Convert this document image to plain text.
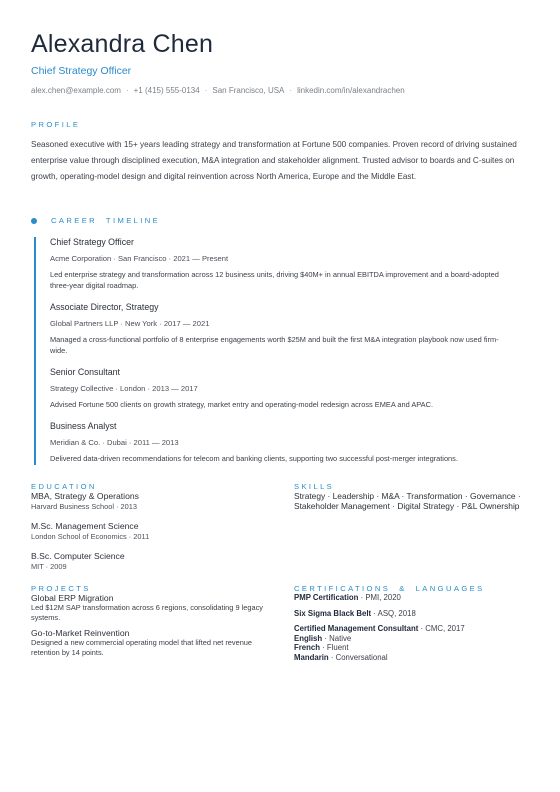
Alexandra Chen
Chief Strategy Officer
alex.chen@example.com · +1 (415) 555-0134 · San Francisco, USA · linkedin.com/in/alexandrachen
PROFILE
Seasoned executive with 15+ years leading strategy and transformation at Fortune 500 companies. Proven record of driving sustained enterprise value through disciplined execution, M&A integration and stakeholder alignment. Trusted advisor to boards and C-suites on growth, operating-model design and digital reinvention across North America, Europe and the Middle East.
CAREER  TIMELINE
Chief Strategy Officer
Acme Corporation · San Francisco · 2021 — Present
Led enterprise strategy and transformation across 12 business units, driving $40M+ in annual EBITDA improvement and a board-adopted three-year digital roadmap.
Associate Director, Strategy
Global Partners LLP · New York · 2017 — 2021
Managed a cross-functional portfolio of 8 enterprise engagements worth $25M and built the first M&A integration playbook now used firm-wide.
Senior Consultant
Strategy Collective · London · 2013 — 2017
Advised Fortune 500 clients on growth strategy, market entry and operating-model redesign across EMEA and APAC.
Business Analyst
Meridian & Co. · Dubai · 2011 — 2013
Delivered data-driven recommendations for telecom and banking clients, supporting two successful post-merger integrations.
EDUCATION
MBA, Strategy & Operations
Harvard Business School · 2013
M.Sc. Management Science
London School of Economics · 2011
B.Sc. Computer Science
MIT · 2009
SKILLS
Strategy · Leadership · M&A · Transformation · Governance · Stakeholder Management · Digital Strategy · P&L Ownership
PROJECTS
Global ERP Migration
Led $12M SAP transformation across 6 regions, consolidating 9 legacy systems.
Go-to-Market Reinvention
Designed a new commercial operating model that lifted net revenue retention by 14 points.
CERTIFICATIONS  &  LANGUAGES
PMP Certification · PMI, 2020
Six Sigma Black Belt · ASQ, 2018
Certified Management Consultant · CMC, 2017
English · Native
French · Fluent
Mandarin · Conversational
